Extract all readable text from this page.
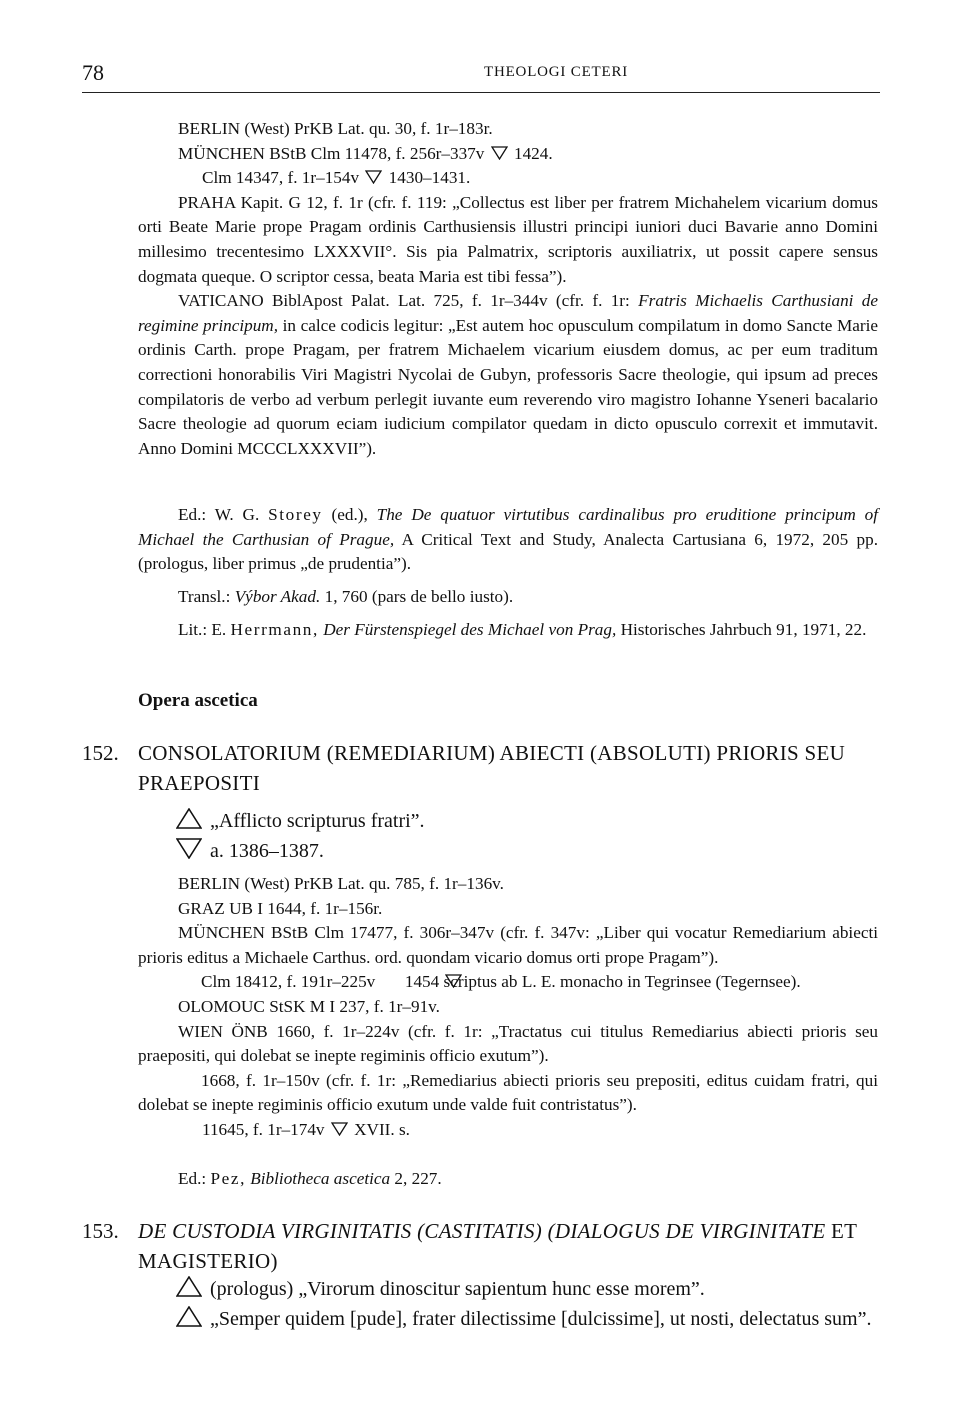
78	THEOLOGI CETERI

BERLIN (West) PrKB Lat. qu. 30, f. 1r–183r.

MÜNCHEN BStB Clm 11478, f. 256r–337v 1424.

Clm 14347, f. 1r–154v 1430–1431.

PRAHA Kapit. G 12, f. 1r (cfr. f. 119: „Collectus est liber per fratrem Michahelem vicarium domus orti Beate Marie prope Pragam ordinis Carthusiensis illustri principi iuniori duci Bavarie anno Domini millesimo trecentesimo LXXXVII°. Sis pia Palmatrix, scriptoris auxiliatrix, ut possit capere sensus dogmata queque. O scriptor cessa, beata Maria est tibi fessa”).

VATICANO BiblApost Palat. Lat. 725, f. 1r–344v (cfr. f. 1r: Fratris Michaelis Carthusiani de regimine principum, in calce codicis legitur: „Est autem hoc opusculum compilatum in domo Sancte Marie ordinis Carth. prope Pragam, per fratrem Michaelem vicarium eiusdem domus, ac per eum traditum correctioni honorabilis Viri Magistri Nycolai de Gubyn, professoris Sacre theologie, qui ipsum ad preces compilatoris de verbo ad verbum perlegit iuvante eum reverendo viro magistro Iohanne Yseneri bacalario Sacre theologie ad quorum eciam iudicium compilator quedam in dicto opusculo correxit et immutavit. Anno Domini MCCCLXXXVII”).

Ed.: W. G. Storey (ed.), The De quatuor virtutibus cardinalibus pro eruditione principum of Michael the Carthusian of Prague, A Critical Text and Study, Analecta Cartusiana 6, 1972, 205 pp. (prologus, liber primus „de prudentia”).

Transl.: Výbor Akad. 1, 760 (pars de bello iusto).

Lit.: E. Herrmann, Der Fürstenspiegel des Michael von Prag, Historisches Jahrbuch 91, 1971, 22.

Opera ascetica
152. CONSOLATORIUM (REMEDIARIUM) ABIECTI (ABSOLUTI) PRIORIS SEU PRAEPOSITI
„Afflicto scripturus fratri”.
a. 1386–1387.

BERLIN (West) PrKB Lat. qu. 785, f. 1r–136v.

GRAZ UB I 1644, f. 1r–156r.

MÜNCHEN BStB Clm 17477, f. 306r–347v (cfr. f. 347v: „Liber qui vocatur Remediarium abiecti prioris editus a Michaele Carthus. ord. quondam vicario domus orti prope Pragam”).

Clm 18412, f. 191r–225v 1454 scriptus ab L. E. monacho in Tegrinsee (Tegernsee).

OLOMOUC StSK M I 237, f. 1r–91v.

WIEN ÖNB 1660, f. 1r–224v (cfr. f. 1r: „Tractatus cui titulus Remediarius abiecti prioris seu praepositi, qui dolebat se inepte regiminis officio exutum”).

1668, f. 1r–150v (cfr. f. 1r: „Remediarius abiecti prioris seu prepositi, editus cuidam fratri, qui dolebat se inepte regiminis officio exutum unde valde fuit contristatus”).

11645, f. 1r–174v XVII. s.

Ed.: Pez, Bibliotheca ascetica 2, 227.

153. DE CUSTODIA VIRGINITATIS (CASTITATIS) (DIALOGUS DE VIRGINITATE ET MAGISTERIO)
(prologus) „Virorum dinoscitur sapientum hunc esse morem”.
„Semper quidem [pude], frater dilectissime [dulcissime], ut nosti, delectatus sum”.
